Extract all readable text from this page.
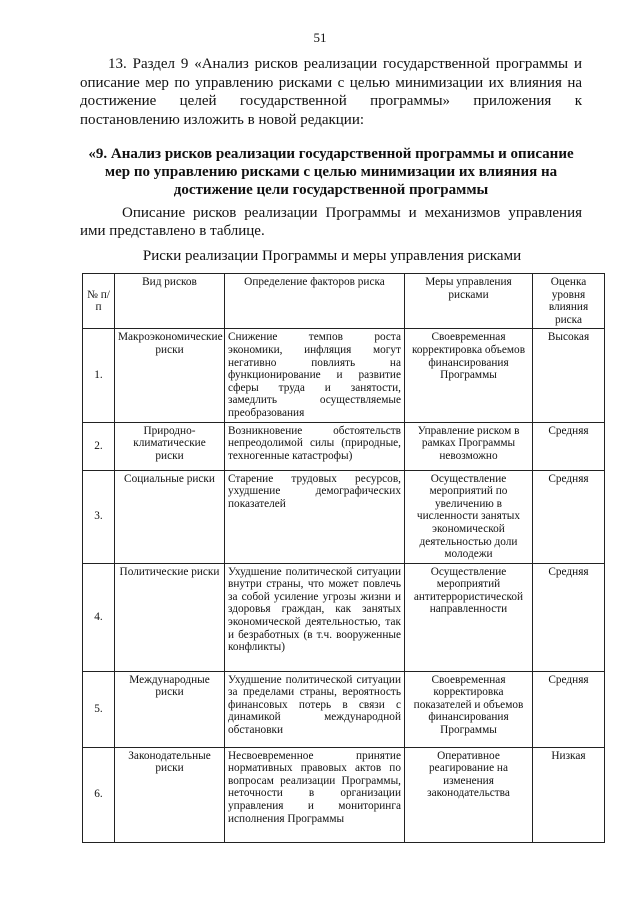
51

13. Раздел 9 «Анализ рисков реализации государственной программы и описание мер по управлению рисками с целью минимизации их влияния на достижение целей государственной программы» приложения к постановлению изложить в новой редакции:

«9. Анализ рисков реализации государственной программы и описание мер по управлению рисками с целью минимизации их влияния на достижение цели государственной программы

Описание рисков реализации Программы и механизмов управления ими представлено в таблице.

Риски реализации Программы и меры управления рисками

№ п/п	Вид рисков	Определение факторов риска	Меры управления рисками	Оценка уровня влияния риска
1.	Макроэкономические риски	Снижение темпов роста экономики, инфляция могут негативно повлиять на функционирование и развитие сферы труда и занятости, замедлить осуществляемые преобразования	Своевременная корректировка объемов финансирования Программы	Высокая
2.	Природно-климатические риски	Возникновение обстоятельств непреодолимой силы (природные, техногенные катастрофы)	Управление риском в рамках Программы невозможно	Средняя
3.	Социальные риски	Старение трудовых ресурсов, ухудшение демографических показателей	Осуществление мероприятий по увеличению в численности занятых экономической деятельностью доли молодежи	Средняя
4.	Политические риски	Ухудшение политической ситуации внутри страны, что может повлечь за собой усиление угрозы жизни и здоровья граждан, как занятых экономической деятельностью, так и безработных (в т.ч. вооруженные конфликты)	Осуществление мероприятий антитеррористической направленности	Средняя
5.	Международные риски	Ухудшение политической ситуации за пределами страны, вероятность финансовых потерь в связи с динамикой международной обстановки	Своевременная корректировка показателей и объемов финансирования Программы	Средняя
6.	Законодательные риски	Несвоевременное принятие нормативных правовых актов по вопросам реализации Программы, неточности в организации управления и мониторинга исполнения Программы	Оперативное реагирование на изменения законодательства	Низкая
